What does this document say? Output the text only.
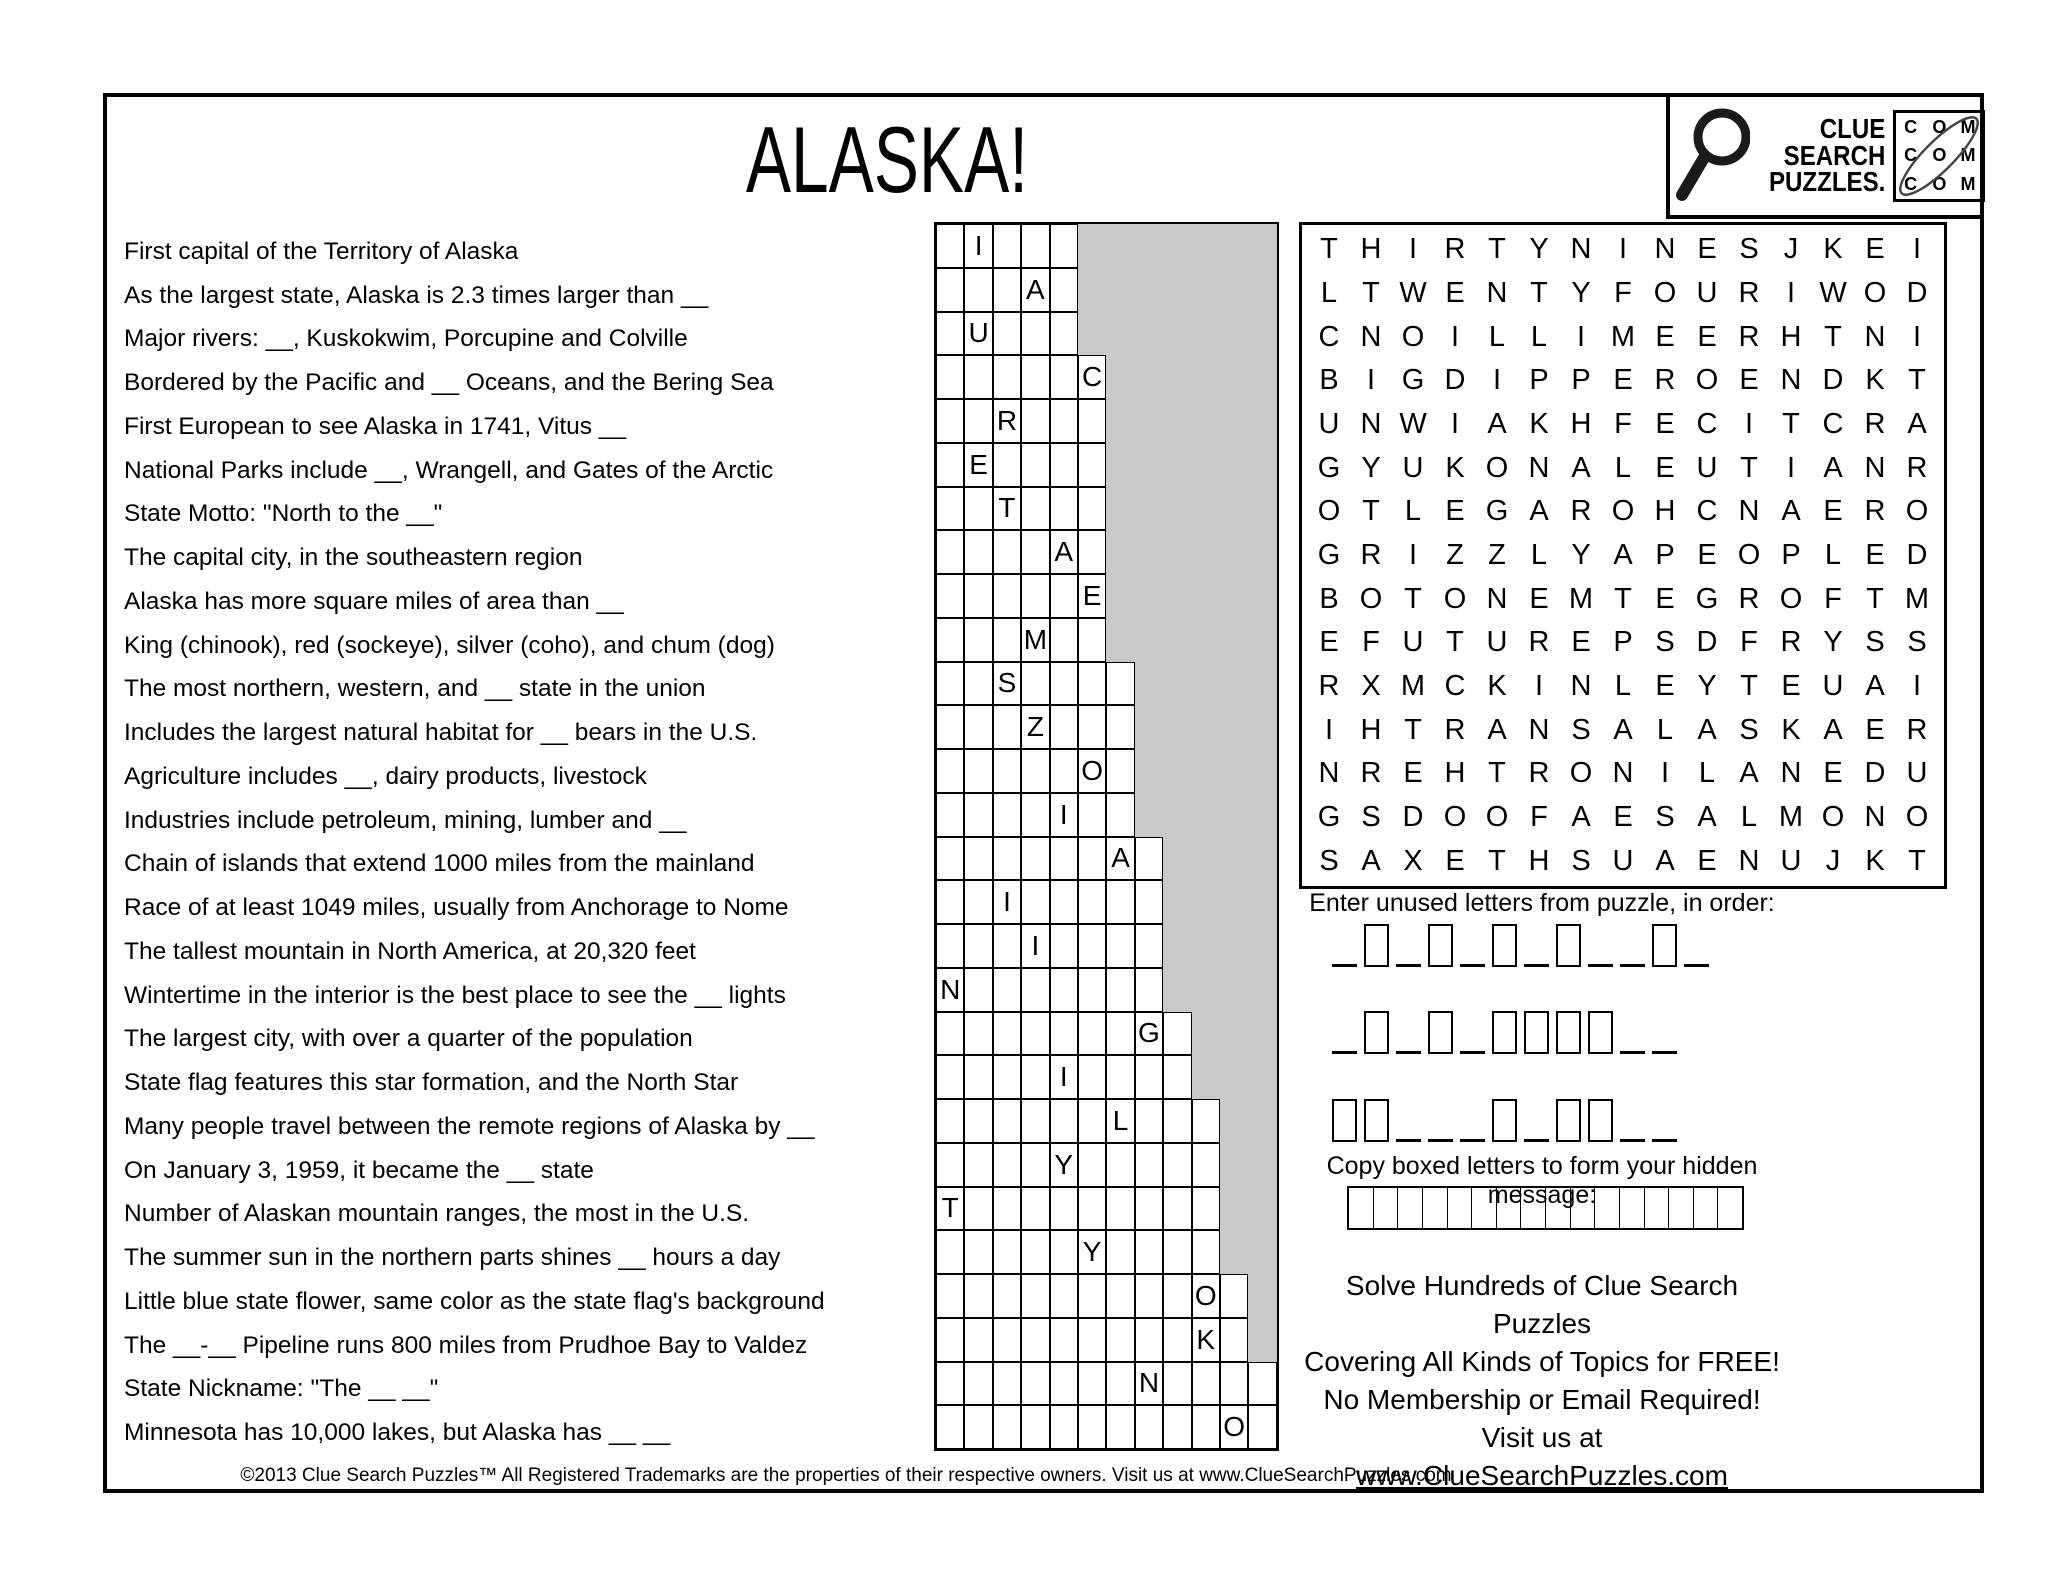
ALASKA!	CLUE
SEARCH
PUZZLES.
C O M
C O M
C O M
First capital of the Territory of Alaska
As the largest state, Alaska is 2.3 times larger than __
Major rivers: __, Kuskokwim, Porcupine and Colville
Bordered by the Pacific and __ Oceans, and the Bering Sea
First European to see Alaska in 1741, Vitus __
National Parks include __, Wrangell, and Gates of the Arctic
State Motto: "North to the __"
The capital city, in the southeastern region
Alaska has more square miles of area than __
King (chinook), red (sockeye), silver (coho), and chum (dog)
The most northern, western, and __ state in the union
Includes the largest natural habitat for __ bears in the U.S.
Agriculture includes __, dairy products, livestock
Industries include petroleum, mining, lumber and __
Chain of islands that extend 1000 miles from the mainland
Race of at least 1049 miles, usually from Anchorage to Nome
The tallest mountain in North America, at 20,320 feet
Wintertime in the interior is the best place to see the __ lights
The largest city, with over a quarter of the population
State flag features this star formation, and the North Star
Many people travel between the remote regions of Alaska by __
On January 3, 1959, it became the __ state
Number of Alaskan mountain ranges, the most in the U.S.
The summer sun in the northern parts shines __ hours a day
Little blue state flower, same color as the state flag's background
The __-__ Pipeline runs 800 miles from Prudhoe Bay to Valdez
State Nickname: "The __ __"
Minnesota has 10,000 lakes, but Alaska has __ __
I
A
U
C
R
E
T
A
E
M
S
Z
O
I
A
I
I
N
G
I
L
Y
T
Y
O
K
N
O
T H I R T Y N I N E S J K E I
L T W E N T Y F O U R I W O D
C N O I	L L	I M E E R H T N I
B I G D I P P E R O E N D K T
U N W I A K H F E C I	T C R A
G Y U K O N A L E U T	I A N R
O T L E G A R O H C N A E R O
G R I	Z Z L Y A P E O P L E D
B O T O N E M T E G R O F T M
E F U T U R E P S D F R Y S S
R X M C K I N L E Y T E U A I
I H T R A N S A L A S K A E R
N R E H T R O N I	L A N E D U
G S D O O F A E S A L M O N O
S A X E T H S U A E N U J K T
Enter unused letters from puzzle, in order:
Copy boxed letters to form your hidden message:
Solve Hundreds of Clue Search Puzzles
Covering All Kinds of Topics for FREE!
No Membership or Email Required!
Visit us at www.ClueSearchPuzzles.com
©2013 Clue Search Puzzles™ All Registered Trademarks are the properties of their respective owners. Visit us at www.ClueSearchPuzzles.com
